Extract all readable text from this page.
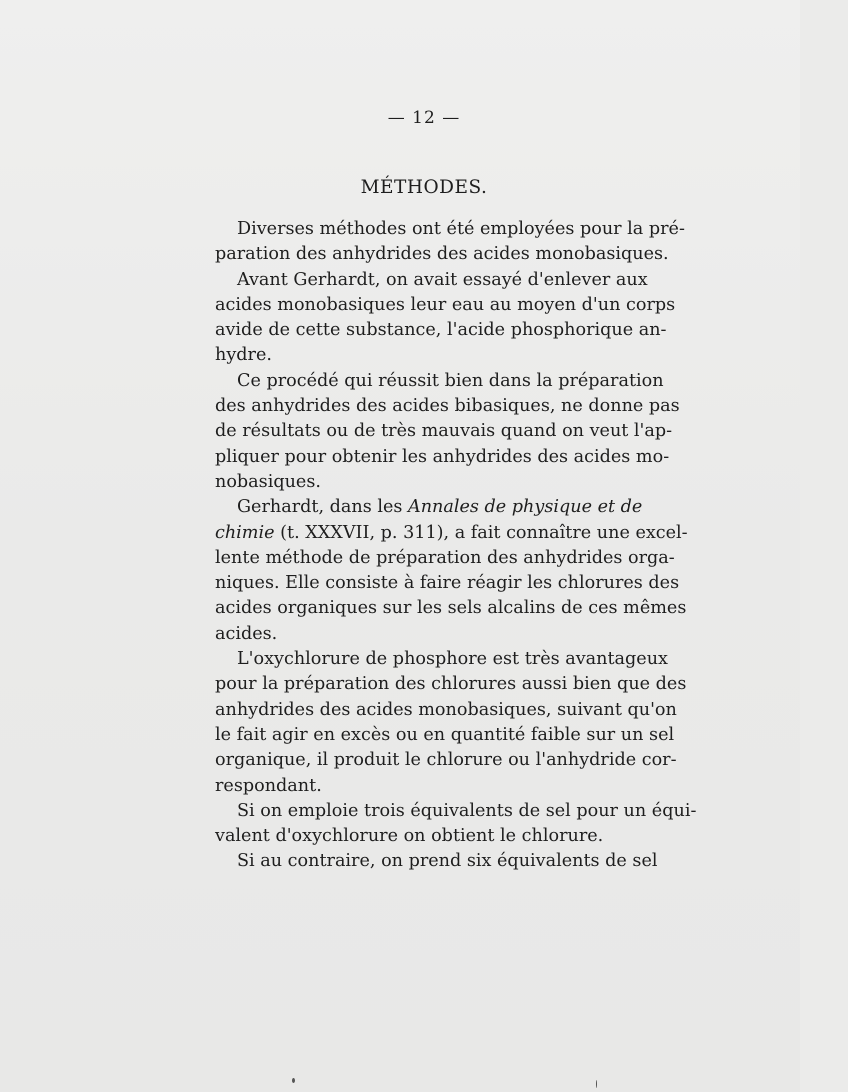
— 12 —
MÉTHODES.
Diverses méthodes ont été employées pour la pré-
paration des anhydrides des acides monobasiques.
Avant Gerhardt, on avait essayé d'enlever aux
acides monobasiques leur eau au moyen d'un corps
avide de cette substance, l'acide phosphorique an-
hydre.
Ce procédé qui réussit bien dans la préparation
des anhydrides des acides bibasiques, ne donne pas
de résultats ou de très mauvais quand on veut l'ap-
pliquer pour obtenir les anhydrides des acides mo-
nobasiques.
Gerhardt, dans les Annales de physique et de
chimie (t. XXXVII, p. 311), a fait connaître une excel-
lente méthode de préparation des anhydrides orga-
niques. Elle consiste à faire réagir les chlorures des
acides organiques sur les sels alcalins de ces mêmes
acides.
L'oxychlorure de phosphore est très avantageux
pour la préparation des chlorures aussi bien que des
anhydrides des acides monobasiques, suivant qu'on
le fait agir en excès ou en quantité faible sur un sel
organique, il produit le chlorure ou l'anhydride cor-
respondant.
Si on emploie trois équivalents de sel pour un équi-
valent d'oxychlorure on obtient le chlorure.
Si au contraire, on prend six équivalents de sel
